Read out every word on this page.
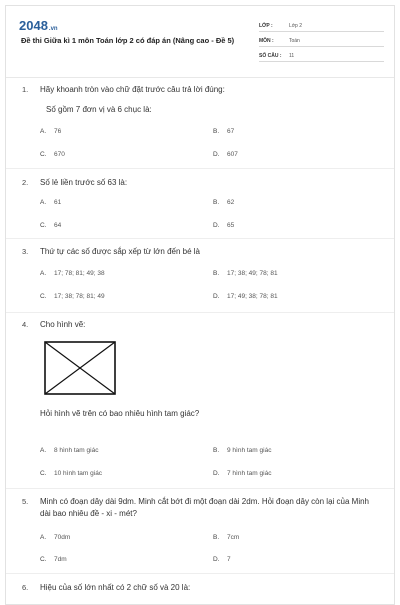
2048.vn
Đề thi Giữa kì 1 môn Toán lớp 2 có đáp án (Nâng cao - Đề 5)
LỚP :	Lớp 2
MÔN :	Toán
SỐ CÂU :	11
1. Hãy khoanh tròn vào chữ đặt trước câu trả lời đúng:
Số gồm 7 đơn vị và 6 chục là:
A. 76	B. 67
C. 670	D. 607
2. Số lẻ liền trước số 63 là:
A. 61	B. 62
C. 64	D. 65
3. Thứ tự các số được sắp xếp từ lớn đến bé là
A. 17; 78; 81; 49; 38	B. 17; 38; 49; 78; 81
C. 17; 38; 78; 81; 49	D. 17; 49; 38; 78; 81
4. Cho hình vẽ:
Hỏi hình vẽ trên có bao nhiêu hình tam giác?
A. 8 hình tam giác	B. 9 hình tam giác
C. 10 hình tam giác	D. 7 hình tam giác
5. Minh có đoạn dây dài 9dm. Minh cắt bớt đi một đoạn dài 2dm. Hỏi đoạn dây còn lại của Minh dài bao nhiêu đề - xi - mét?
A. 70dm	B. 7cm
C. 7dm	D. 7
6. Hiệu của số lớn nhất có 2 chữ số và 20 là:
